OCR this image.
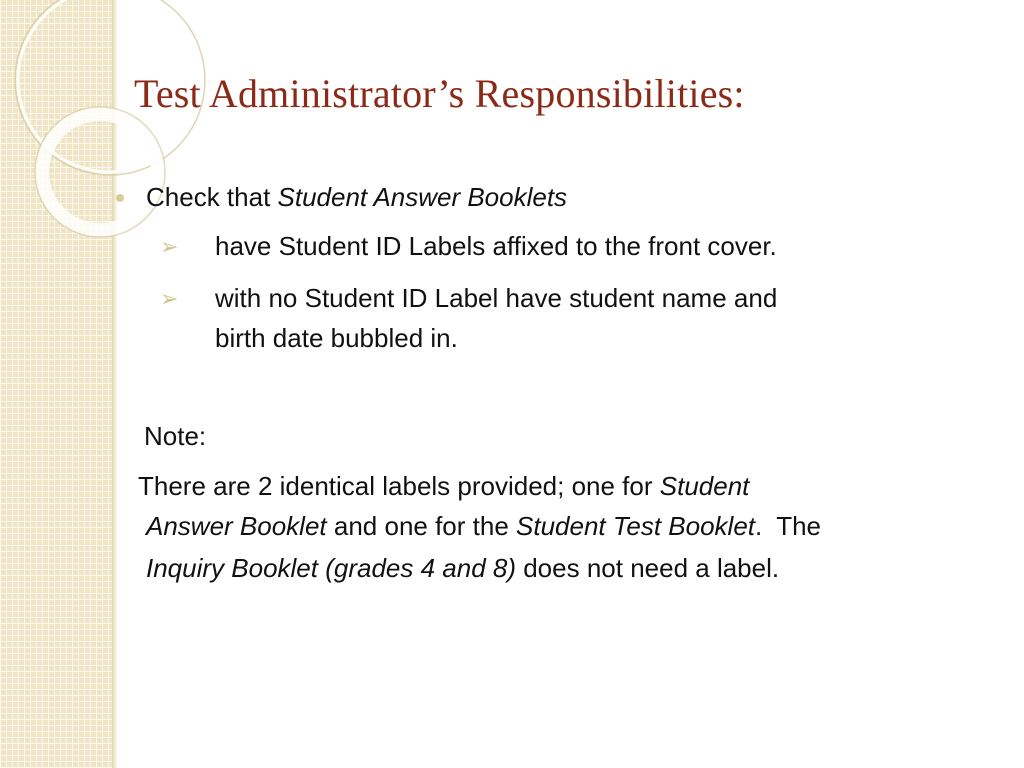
Test Administrator’s Responsibilities:
Check that Student Answer Booklets
➢ have Student ID Labels affixed to the front cover.
➢ with no Student ID Label have student name and
birth date bubbled in.
Note:
There are 2 identical labels provided; one for Student
Answer Booklet and one for the Student Test Booklet.  The
Inquiry Booklet (grades 4 and 8) does not need a label.
